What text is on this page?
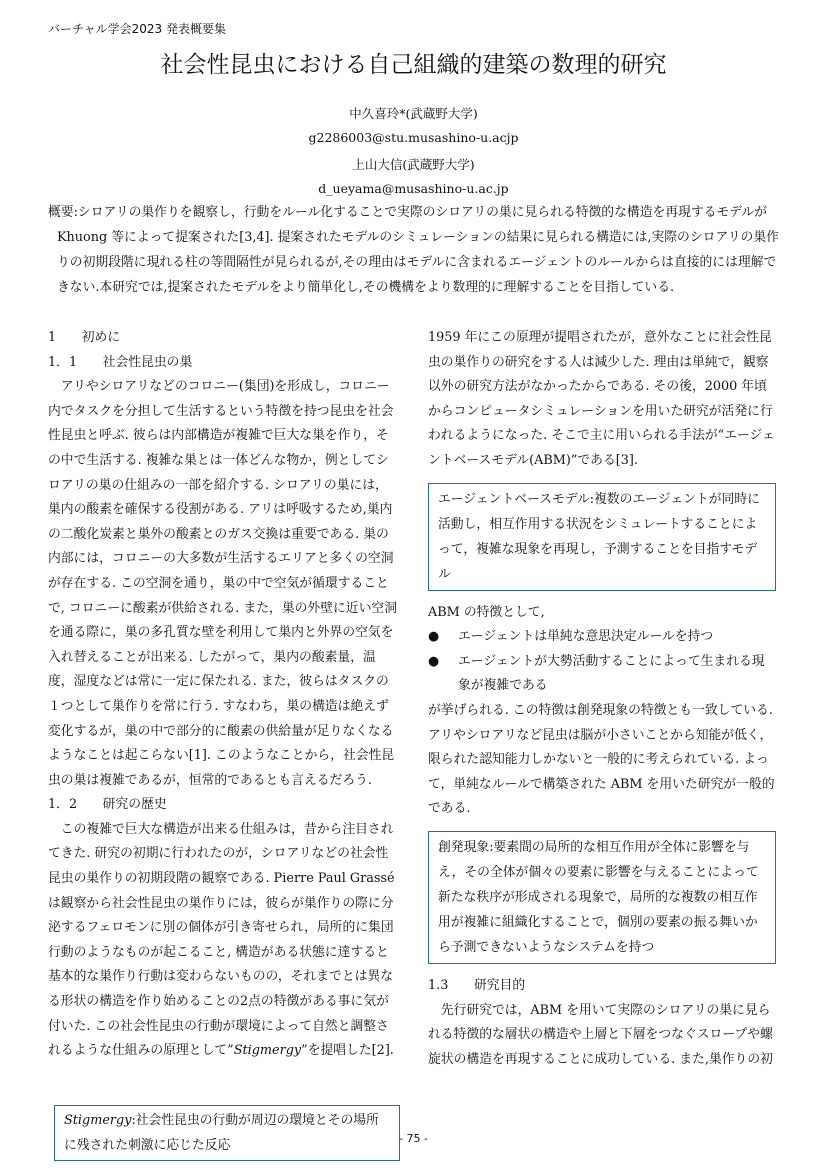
バーチャル学会2023 発表概要集
社会性昆虫における自己組織的建築の数理的研究
中久喜玲*(武蔵野大学)
g2286003@stu.musashino-u.acjp
上山大信(武蔵野大学)
d_ueyama@musashino-u.ac.jp

概要:シロアリの巣作りを観察し，行動をルール化することで実際のシロアリの巣に見られる特徴的な構造を再現するモデルが Khuong 等によって提案された[3,4]. 提案されたモデルのシミュレーションの結果に見られる構造には,実際のシロアリの巣作りの初期段階に現れる柱の等間隔性が見られるが,その理由はモデルに含まれるエージェントのルールからは直接的には理解できない.本研究では,提案されたモデルをより簡単化し,その機構をより数理的に理解することを目指している.

1　　初めに

1．1　　社会性昆虫の巣

アリやシロアリなどのコロニー(集団)を形成し，コロニー内でタスクを分担して生活するという特徴を持つ昆虫を社会性昆虫と呼ぶ. 彼らは内部構造が複雑で巨大な巣を作り，その中で生活する. 複雑な巣とは一体どんな物か，例としてシロアリの巣の仕組みの一部を紹介する. シロアリの巣には，巣内の酸素を確保する役割がある. アリは呼吸するため,巣内の二酸化炭素と巣外の酸素とのガス交換は重要である. 巣の内部には，コロニーの大多数が生活するエリアと多くの空洞が存在する. この空洞を通り，巣の中で空気が循環することで, コロニーに酸素が供給される. また，巣の外壁に近い空洞を通る際に，巣の多孔質な壁を利用して巣内と外界の空気を入れ替えることが出来る. したがって，巣内の酸素量，温度，湿度などは常に一定に保たれる. また，彼らはタスクの１つとして巣作りを常に行う. すなわち，巣の構造は絶えず変化するが，巣の中で部分的に酸素の供給量が足りなくなるようなことは起こらない[1]. このようなことから，社会性昆虫の巣は複雑であるが，恒常的であるとも言えるだろう.

1．2　　研究の歴史

この複雑で巨大な構造が出来る仕組みは，昔から注目されてきた. 研究の初期に行われたのが，シロアリなどの社会性昆虫の巣作りの初期段階の観察である. Pierre Paul Grassé は観察から社会性昆虫の巣作りには，彼らが巣作りの際に分泌するフェロモンに別の個体が引き寄せられ，局所的に集団行動のようなものが起こること, 構造がある状態に達すると基本的な巣作り行動は変わらないものの，それまでとは異なる形状の構造を作り始めることの2点の特徴がある事に気が付いた. この社会性昆虫の行動が環境によって自然と調整されるような仕組みの原理として”Stigmergy”を提唱した[2].

Stigmergy:社会性昆虫の行動が周辺の環境とその場所に残された刺激に応じた反応

1959 年にこの原理が提唱されたが，意外なことに社会性昆虫の巣作りの研究をする人は減少した. 理由は単純で，観察以外の研究方法がなかったからである. その後，2000 年頃からコンピュータシミュレーションを用いた研究が活発に行われるようになった. そこで主に用いられる手法が“エージェントベースモデル(ABM)”である[3].

エージェントベースモデル:複数のエージェントが同時に活動し，相互作用する状況をシミュレートすることによって，複雑な現象を再現し，予測することを目指すモデル

ABM の特徴として,

●	エージェントは単純な意思決定ルールを持つ
●	エージェントが大勢活動することによって生まれる現象が複雑である

が挙げられる. この特徴は創発現象の特徴とも一致している. アリやシロアリなど昆虫は脳が小さいことから知能が低く，限られた認知能力しかないと一般的に考えられている. よって，単純なルールで構築された ABM を用いた研究が一般的である.

創発現象:要素間の局所的な相互作用が全体に影響を与え，その全体が個々の要素に影響を与えることによって新たな秩序が形成される現象で，局所的な複数の相互作用が複雑に組織化することで，個別の要素の振る舞いから予測できないようなシステムを持つ

1.3　　研究目的

先行研究では，ABM を用いて実際のシロアリの巣に見られる特徴的な層状の構造や上層と下層をつなぐスロープや螺旋状の構造を再現することに成功している. また,巣作りの初

- 75 -
